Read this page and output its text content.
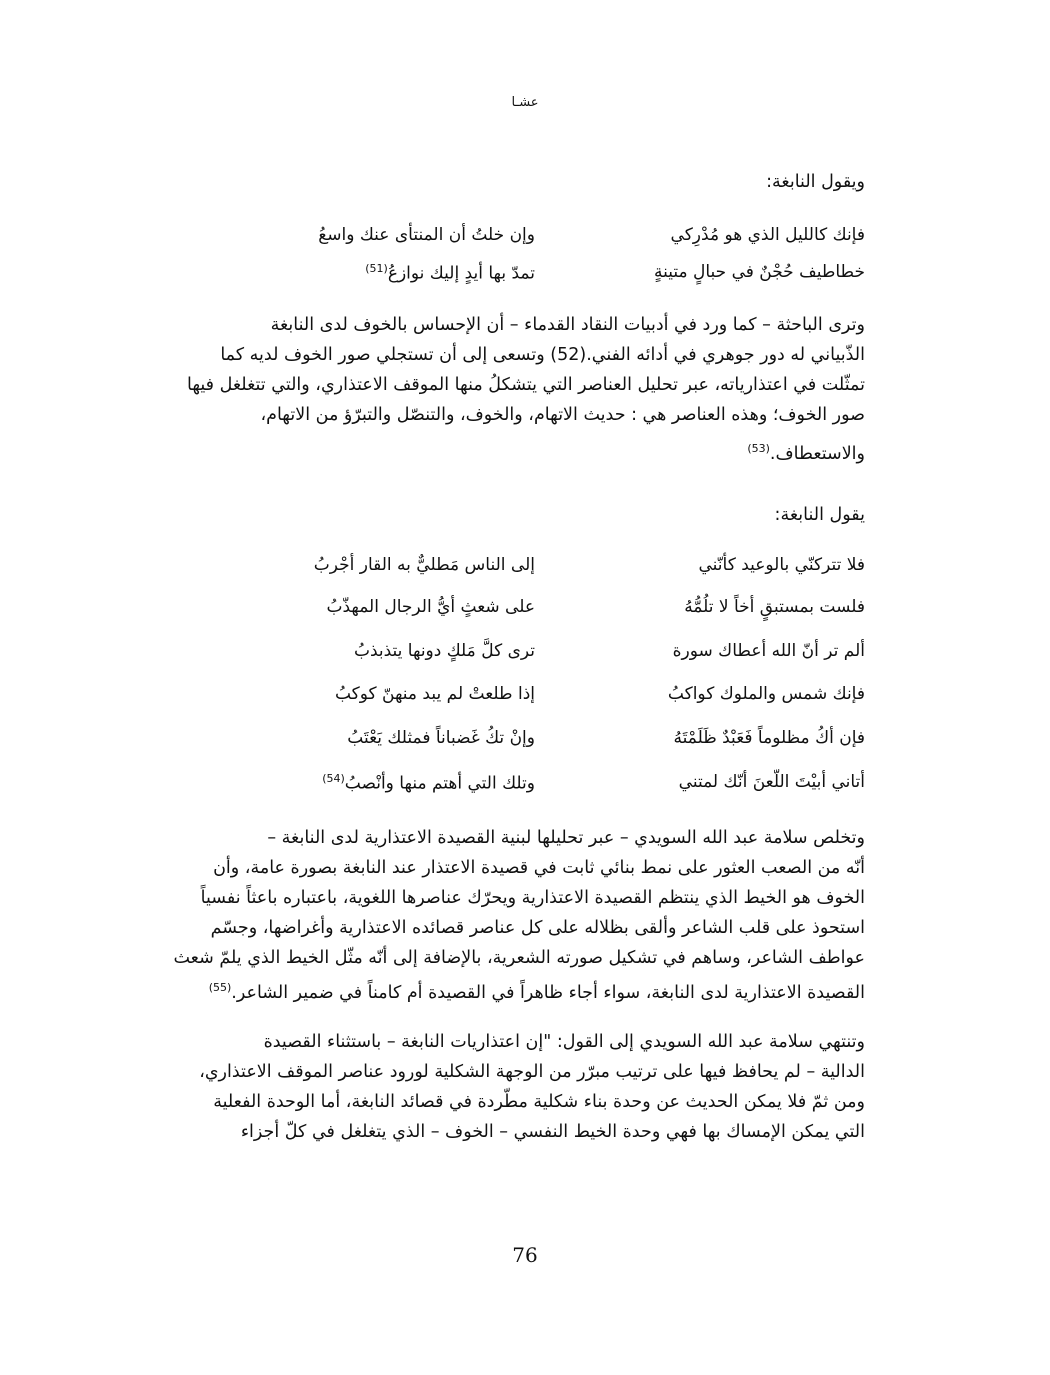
عشـا
ويقول النابغة:
فإنك كالليل الذي هو مُدْرِكي
وإن خلتُ أن المنتأى عنك واسعُ
خطاطيف حُجْنٌ في حبالٍ متينةٍ
تمدّ بها أيدٍ إليك نوازعُ$^{(51)}$
وترى الباحثة – كما ورد في أدبيات النقاد القدماء – أن الإحساس بالخوف لدى النابغة
الذّبياني له دور جوهري في أدائه الفني.(52) وتسعى إلى أن تستجلي صور الخوف لديه كما
تمثّلت في اعتذارياته، عبر تحليل العناصر التي يتشكلُ منها الموقف الاعتذاري، والتي تتغلغل فيها
صور الخوف؛ وهذه العناصر هي : حديث الاتهام، والخوف، والتنصّل والتبرّؤ من الاتهام،
والاستعطاف.$^{(53)}$
يقول النابغة:
فلا تتركنّي بالوعيد كأنّني
إلى الناس مَطليٌّ به القار أجْربُ
فلست بمستبقٍ أخاً لا تلُمُّهُ
على شعثٍ أيُّ الرجال المهذّبُ
ألم تر أنّ الله أعطاك سورة
ترى كلَّ مَلكٍ دونها يتذبذبُ
فإنك شمس والملوك كواكبُ
إذا طلعتْ لم يبد منهنّ كوكبُ
فإن أكُ مظلوماً فَعَبْدٌ ظَلَمْتَهُ
وإنْ تكُ غَضباناً فمثلك يَعْتَبُ
أتاني أبيْتَ اللّعنَ أنّك لمتني
وتلك التي أهتم منها وأنْصبُ$^{(54)}$
وتخلص سلامة عبد الله السويدي – عبر تحليلها لبنية القصيدة الاعتذارية لدى النابغة –
أنّه من الصعب العثور على نمط بنائي ثابت في قصيدة الاعتذار عند النابغة بصورة عامة، وأن
الخوف هو الخيط الذي ينتظم القصيدة الاعتذارية ويحرّك عناصرها اللغوية، باعتباره باعثاً نفسياً
استحوذ على قلب الشاعر وألقى بظلاله على كل عناصر قصائده الاعتذارية وأغراضها، وجسّم
عواطف الشاعر، وساهم في تشكيل صورته الشعرية، بالإضافة إلى أنّه مثّل الخيط الذي يلمّ شعث
القصيدة الاعتذارية لدى النابغة، سواء أجاء ظاهراً في القصيدة أم كامناً في ضمير الشاعر.$^{(55)}$
وتنتهي سلامة عبد الله السويدي إلى القول: "إن اعتذاريات النابغة – باستثناء القصيدة
الدالية – لم يحافظ فيها على ترتيب مبرّر من الوجهة الشكلية لورود عناصر الموقف الاعتذاري،
ومن ثمّ فلا يمكن الحديث عن وحدة بناء شكلية مطّردة في قصائد النابغة، أما الوحدة الفعلية
التي يمكن الإمساك بها فهي وحدة الخيط النفسي – الخوف – الذي يتغلغل في كلّ أجزاء
76
